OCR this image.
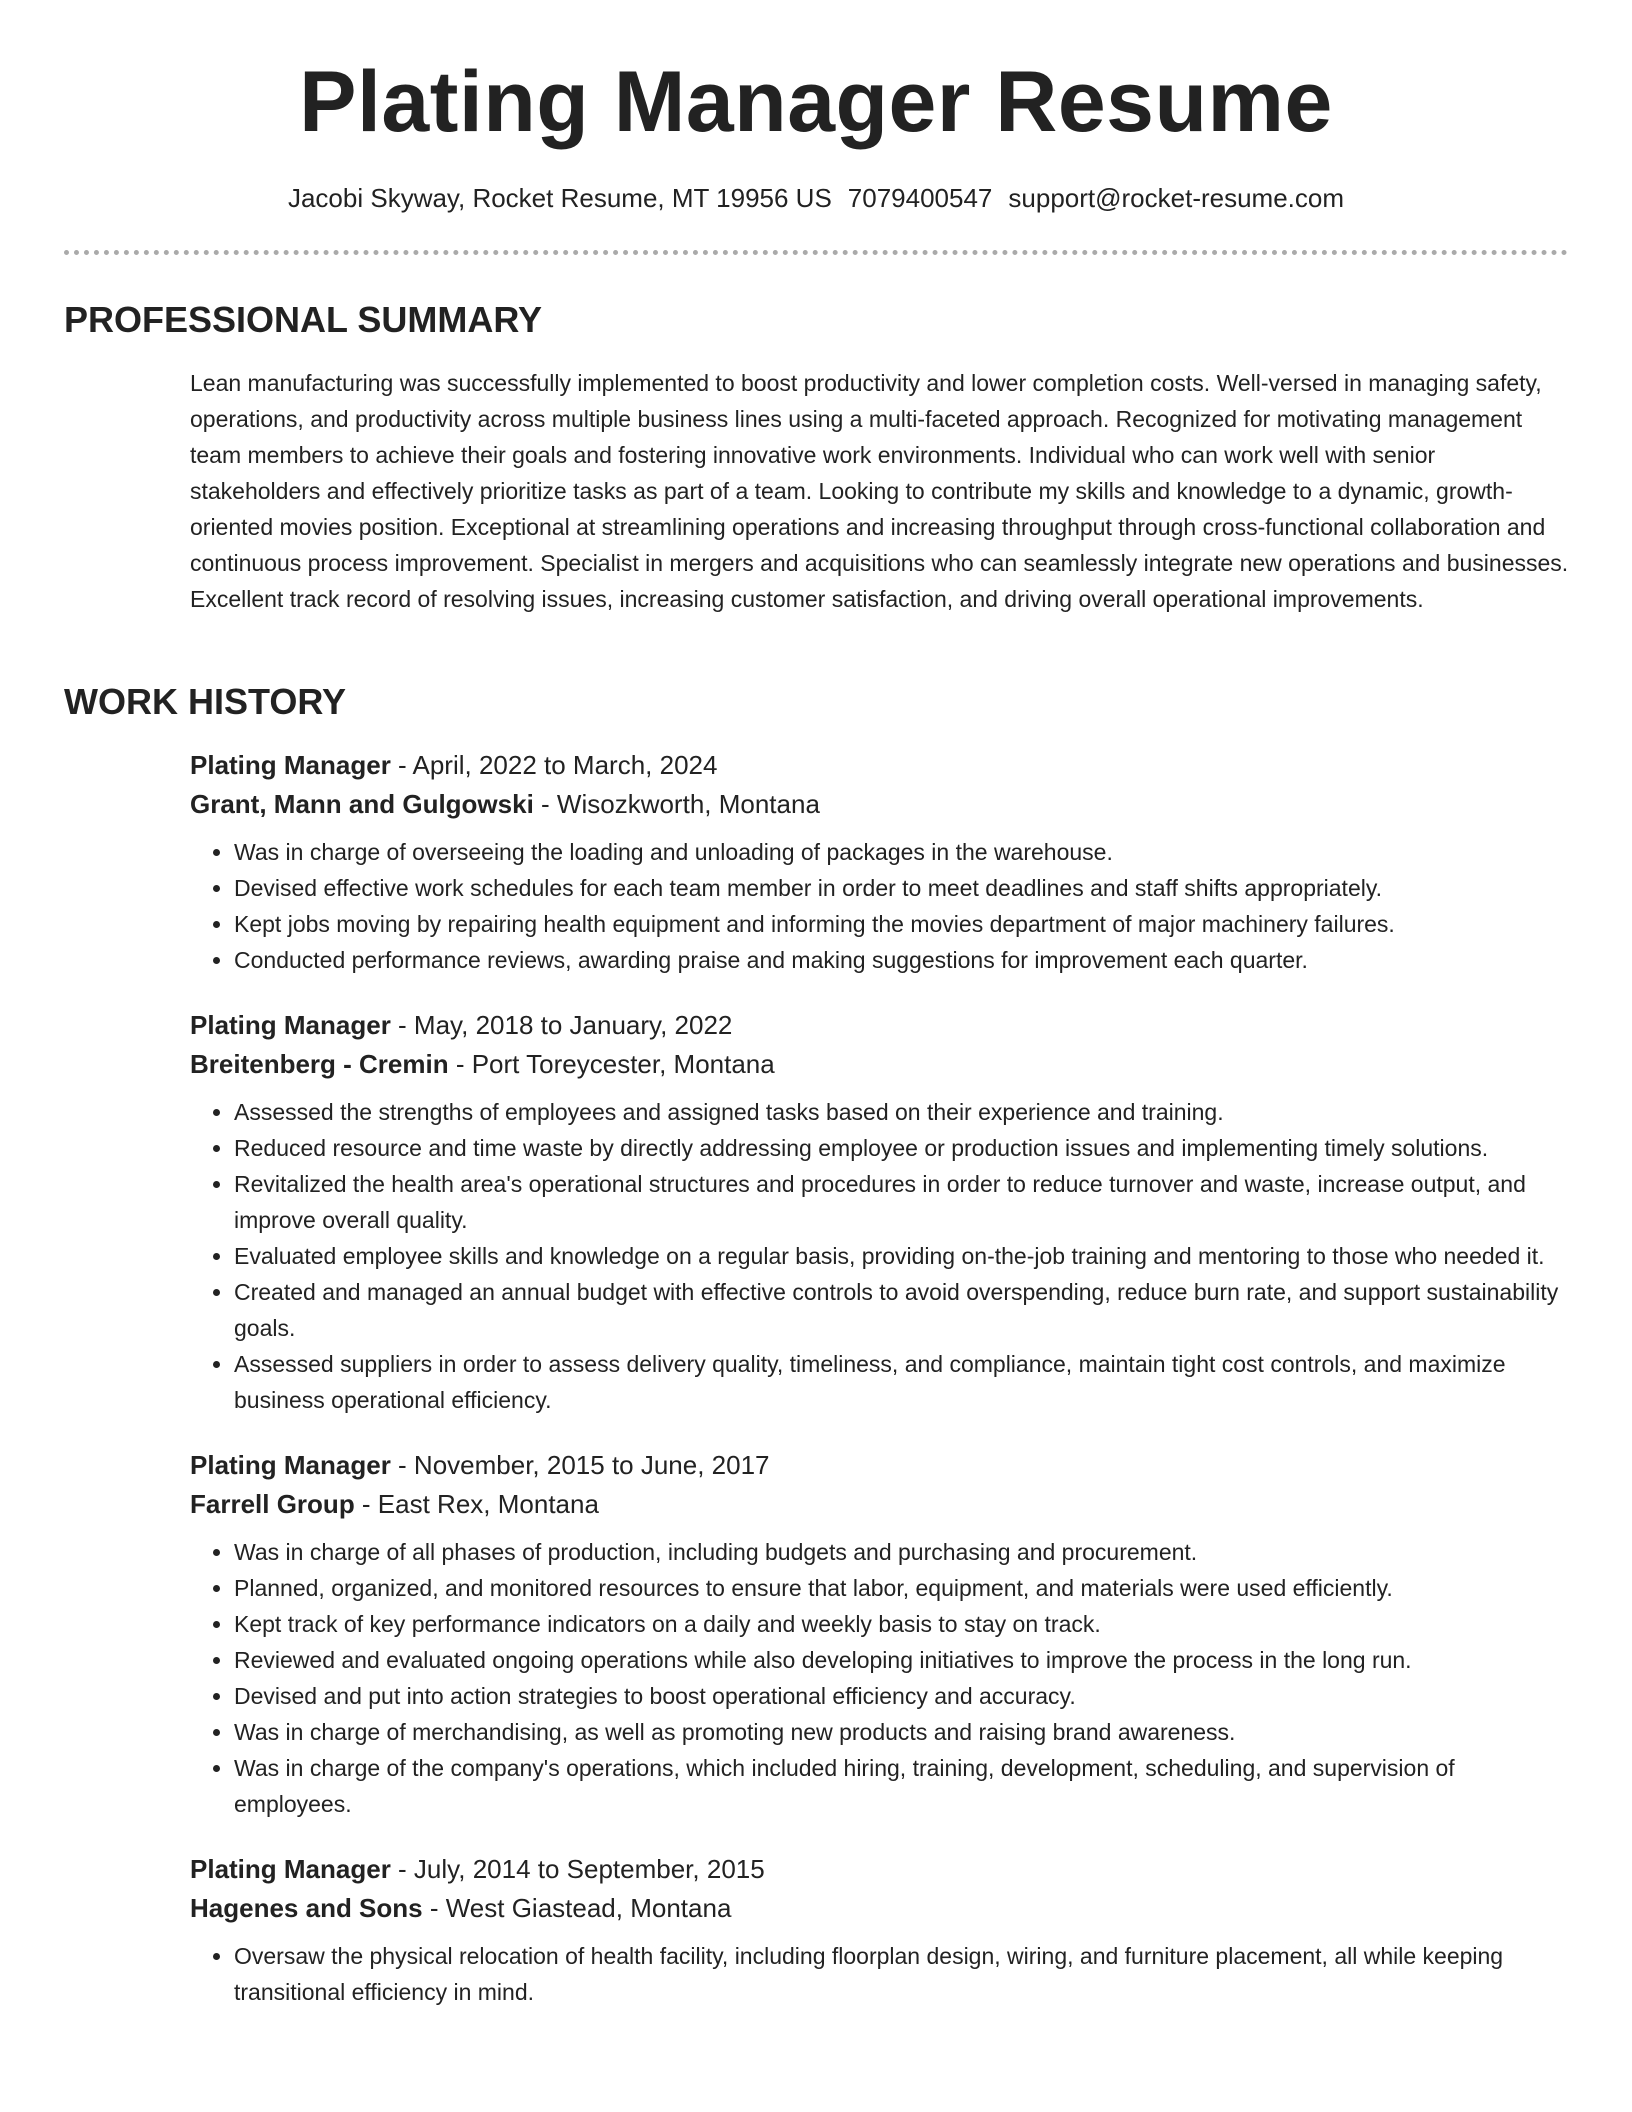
Plating Manager Resume
Jacobi Skyway, Rocket Resume, MT 19956 US 7079400547 support@rocket-resume.com
PROFESSIONAL SUMMARY
Lean manufacturing was successfully implemented to boost productivity and lower completion costs. Well-versed in managing safety, operations, and productivity across multiple business lines using a multi-faceted approach. Recognized for motivating management team members to achieve their goals and fostering innovative work environments. Individual who can work well with senior stakeholders and effectively prioritize tasks as part of a team. Looking to contribute my skills and knowledge to a dynamic, growth-oriented movies position. Exceptional at streamlining operations and increasing throughput through cross-functional collaboration and continuous process improvement. Specialist in mergers and acquisitions who can seamlessly integrate new operations and businesses. Excellent track record of resolving issues, increasing customer satisfaction, and driving overall operational improvements.
WORK HISTORY
Plating Manager - April, 2022 to March, 2024
Grant, Mann and Gulgowski - Wisozkworth, Montana
• Was in charge of overseeing the loading and unloading of packages in the warehouse.
• Devised effective work schedules for each team member in order to meet deadlines and staff shifts appropriately.
• Kept jobs moving by repairing health equipment and informing the movies department of major machinery failures.
• Conducted performance reviews, awarding praise and making suggestions for improvement each quarter.
Plating Manager - May, 2018 to January, 2022
Breitenberg - Cremin - Port Toreycester, Montana
• Assessed the strengths of employees and assigned tasks based on their experience and training.
• Reduced resource and time waste by directly addressing employee or production issues and implementing timely solutions.
• Revitalized the health area's operational structures and procedures in order to reduce turnover and waste, increase output, and improve overall quality.
• Evaluated employee skills and knowledge on a regular basis, providing on-the-job training and mentoring to those who needed it.
• Created and managed an annual budget with effective controls to avoid overspending, reduce burn rate, and support sustainability goals.
• Assessed suppliers in order to assess delivery quality, timeliness, and compliance, maintain tight cost controls, and maximize business operational efficiency.
Plating Manager - November, 2015 to June, 2017
Farrell Group - East Rex, Montana
• Was in charge of all phases of production, including budgets and purchasing and procurement.
• Planned, organized, and monitored resources to ensure that labor, equipment, and materials were used efficiently.
• Kept track of key performance indicators on a daily and weekly basis to stay on track.
• Reviewed and evaluated ongoing operations while also developing initiatives to improve the process in the long run.
• Devised and put into action strategies to boost operational efficiency and accuracy.
• Was in charge of merchandising, as well as promoting new products and raising brand awareness.
• Was in charge of the company's operations, which included hiring, training, development, scheduling, and supervision of employees.
Plating Manager - July, 2014 to September, 2015
Hagenes and Sons - West Giastead, Montana
• Oversaw the physical relocation of health facility, including floorplan design, wiring, and furniture placement, all while keeping transitional efficiency in mind.
